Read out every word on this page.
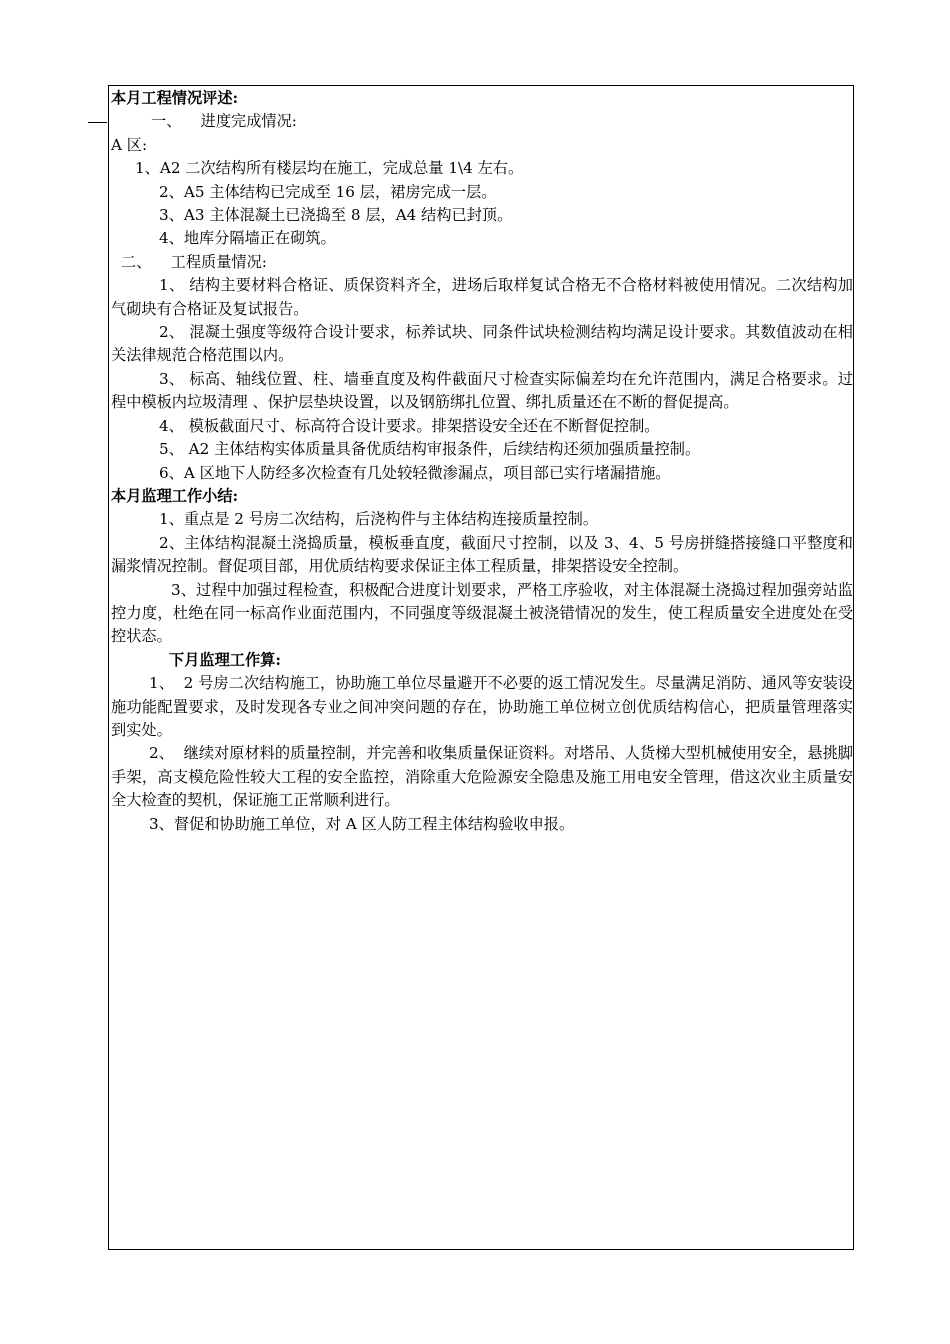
本月工程情况评述:

一、    进度完成情况:

A 区:

1、A2 二次结构所有楼层均在施工，完成总量 1\4 左右。

2、A5 主体结构已完成至 16 层，裙房完成一层。

3、A3 主体混凝土已浇捣至 8 层，A4 结构已封顶。

4、地库分隔墙正在砌筑。

二、    工程质量情况:

1、 结构主要材料合格证、质保资料齐全，进场后取样复试合格无不合格材料被使用情况。二次结构加气砌块有合格证及复试报告。

2、 混凝土强度等级符合设计要求，标养试块、同条件试块检测结构均满足设计要求。其数值波动在相关法律规范合格范围以内。

3、 标高、轴线位置、柱、墙垂直度及构件截面尺寸检查实际偏差均在允许范围内，满足合格要求。过程中模板内垃圾清理 、保护层垫块设置，以及钢筋绑扎位置、绑扎质量还在不断的督促提高。

4、 模板截面尺寸、标高符合设计要求。排架搭设安全还在不断督促控制。

5、 A2 主体结构实体质量具备优质结构审报条件，后续结构还须加强质量控制。

6、A 区地下人防经多次检查有几处较轻微渗漏点，项目部已实行堵漏措施。

本月监理工作小结:

1、重点是 2 号房二次结构，后浇构件与主体结构连接质量控制。

2、主体结构混凝土浇捣质量，模板垂直度，截面尺寸控制，以及 3、4、5 号房拼缝搭接缝口平整度和漏浆情况控制。督促项目部，用优质结构要求保证主体工程质量，排架搭设安全控制。

3、过程中加强过程检查，积极配合进度计划要求，严格工序验收，对主体混凝土浇捣过程加强旁站监控力度，杜绝在同一标高作业面范围内，不同强度等级混凝土被浇错情况的发生，使工程质量安全进度处在受控状态。

下月监理工作算:

1、  2 号房二次结构施工，协助施工单位尽量避开不必要的返工情况发生。尽量满足消防、通风等安装设施功能配置要求，及时发现各专业之间冲突问题的存在，协助施工单位树立创优质结构信心，把质量管理落实到实处。

2、  继续对原材料的质量控制，并完善和收集质量保证资料。对塔吊、人货梯大型机械使用安全，悬挑脚手架，高支模危险性较大工程的安全监控，消除重大危险源安全隐患及施工用电安全管理，借这次业主质量安全大检查的契机，保证施工正常顺利进行。

3、督促和协助施工单位，对 A 区人防工程主体结构验收申报。
